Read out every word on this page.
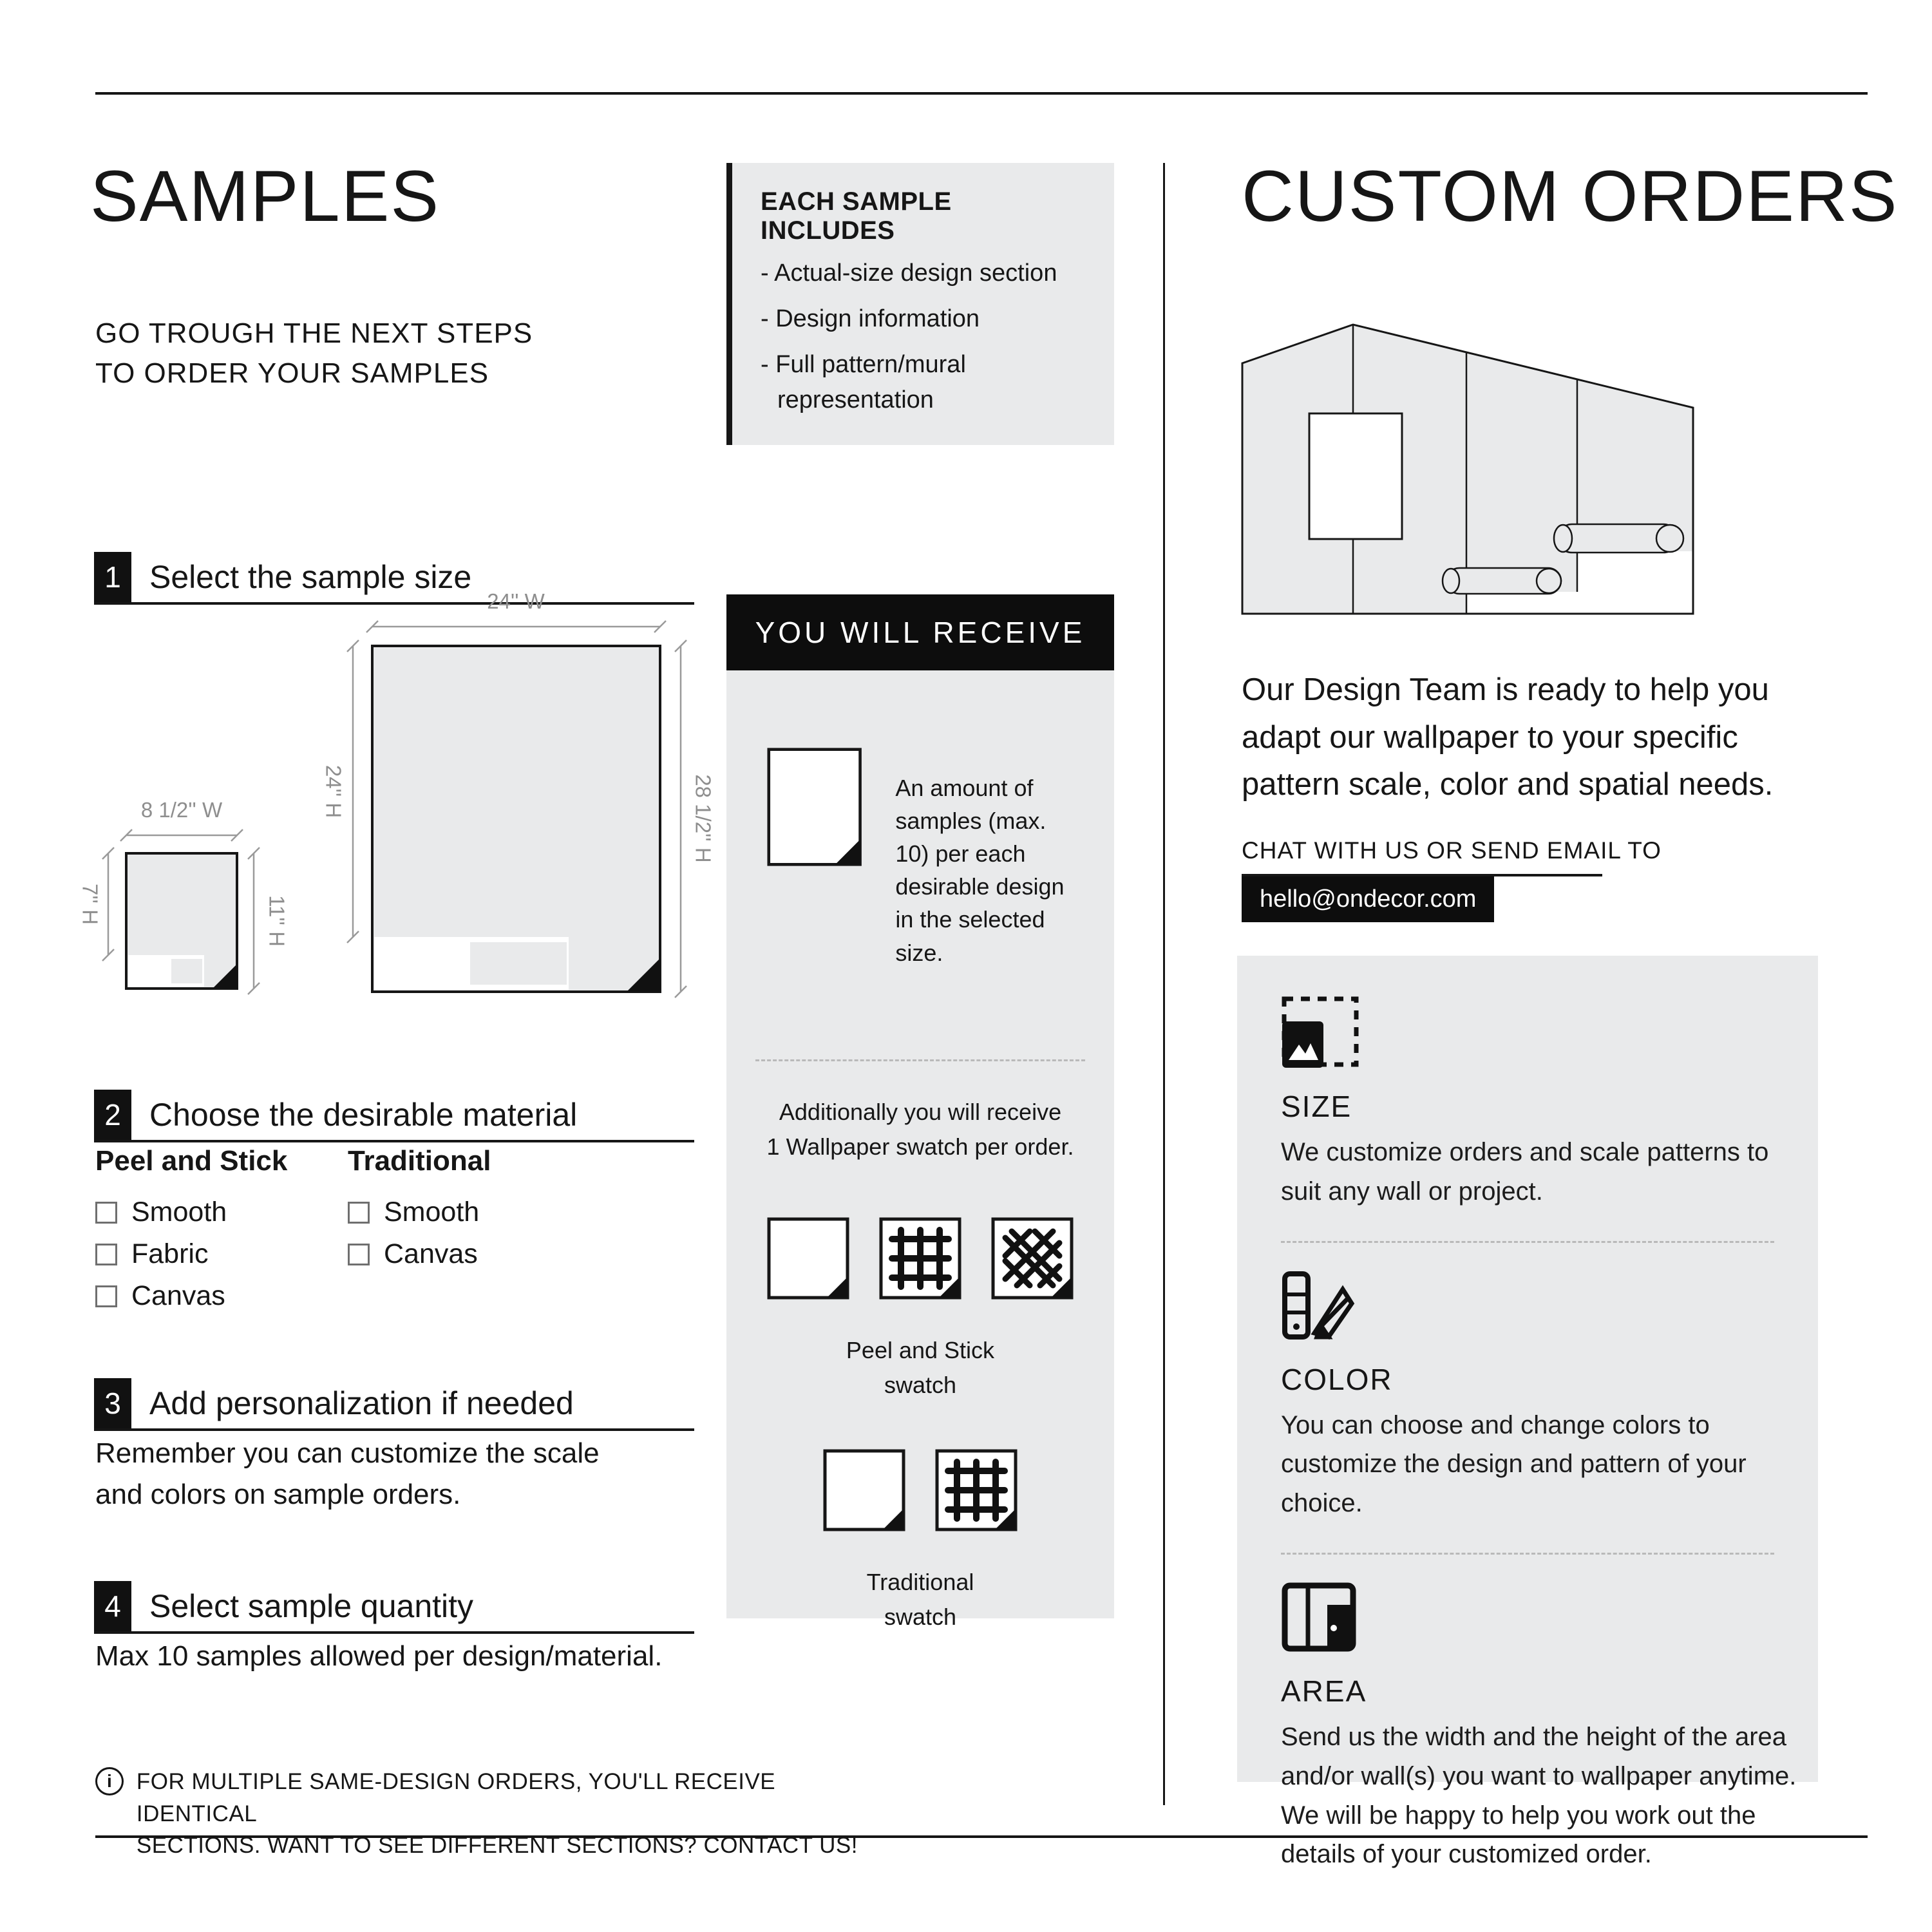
SAMPLES
GO TROUGH THE NEXT STEPS
TO ORDER YOUR SAMPLES
1 Select the sample size
8 1/2'' W
7'' H	11'' H
24'' W
24'' H	28 1/2'' H
2 Choose the desirable material
Peel and Stick
Smooth
Fabric
Canvas
Traditional
Smooth
Canvas
3 Add personalization if needed
Remember you can customize the scale
and colors on sample orders.
4 Select sample quantity
Max 10 samples allowed per design/material.
i	FOR MULTIPLE SAME-DESIGN ORDERS, YOU'LL RECEIVE IDENTICAL
SECTIONS. WANT TO SEE DIFFERENT SECTIONS? CONTACT US!
EACH SAMPLE INCLUDES
- Actual-size design section
- Design information
- Full pattern/mural representation
YOU WILL RECEIVE
An amount of samples (max. 10) per each desirable design in the selected size.
Additionally you will receive
1 Wallpaper swatch per order.
Peel and Stick
swatch
Traditional
swatch
CUSTOM ORDERS
Our Design Team is ready to help you adapt our wallpaper to your specific pattern scale, color and spatial needs.
CHAT WITH US OR SEND EMAIL TO
hello@ondecor.com
SIZE
We customize orders and scale patterns to suit any wall or project.
COLOR
You can choose and change colors to customize the design and pattern of your choice.
AREA
Send us the width and the height of the area and/or wall(s) you want to wallpaper anytime. We will be happy to help you work out the details of your customized order.
